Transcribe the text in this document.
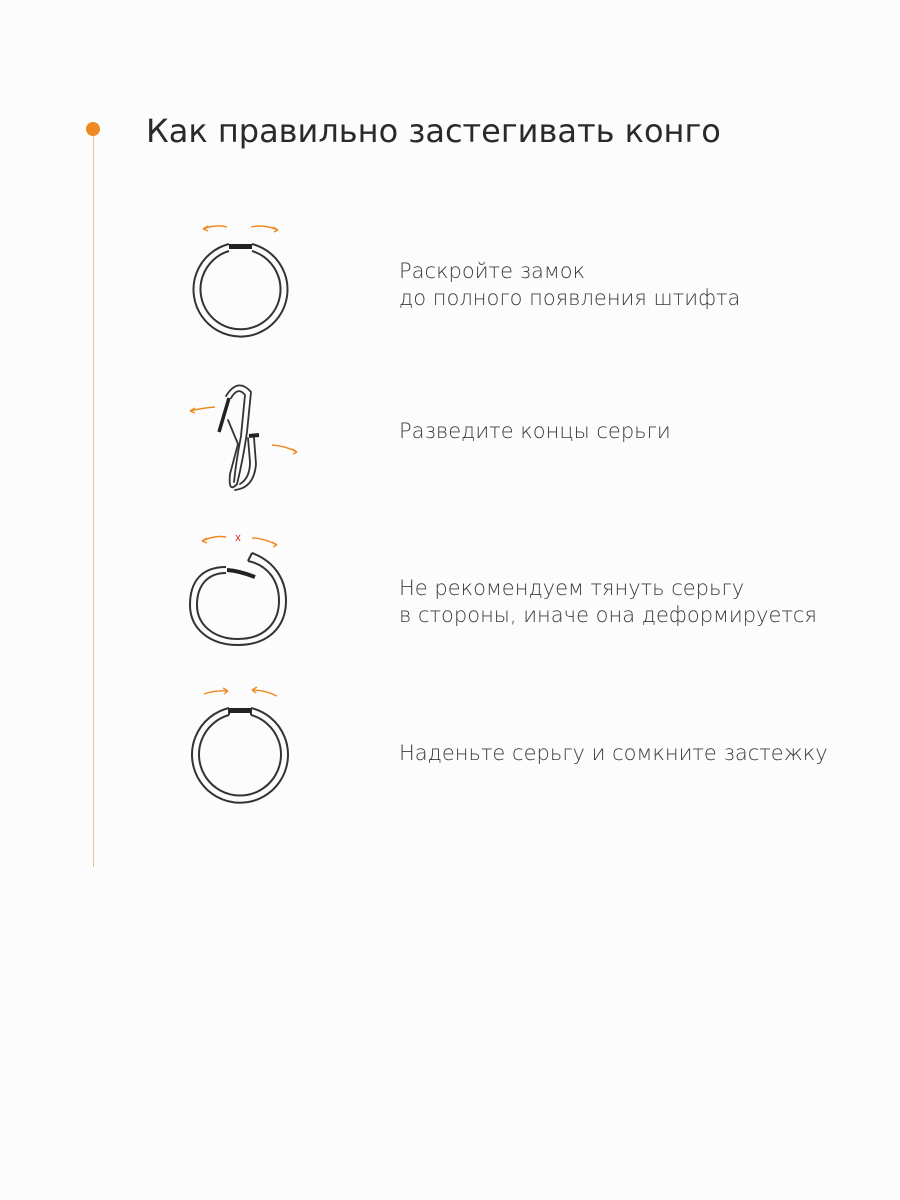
Как правильно застегивать конго

Раскройте замок
до полного появления штифта

Разведите концы серьги

x

Не рекомендуем тянуть серьгу
в стороны, иначе она деформируется

Наденьте серьгу и сомкните застежку
